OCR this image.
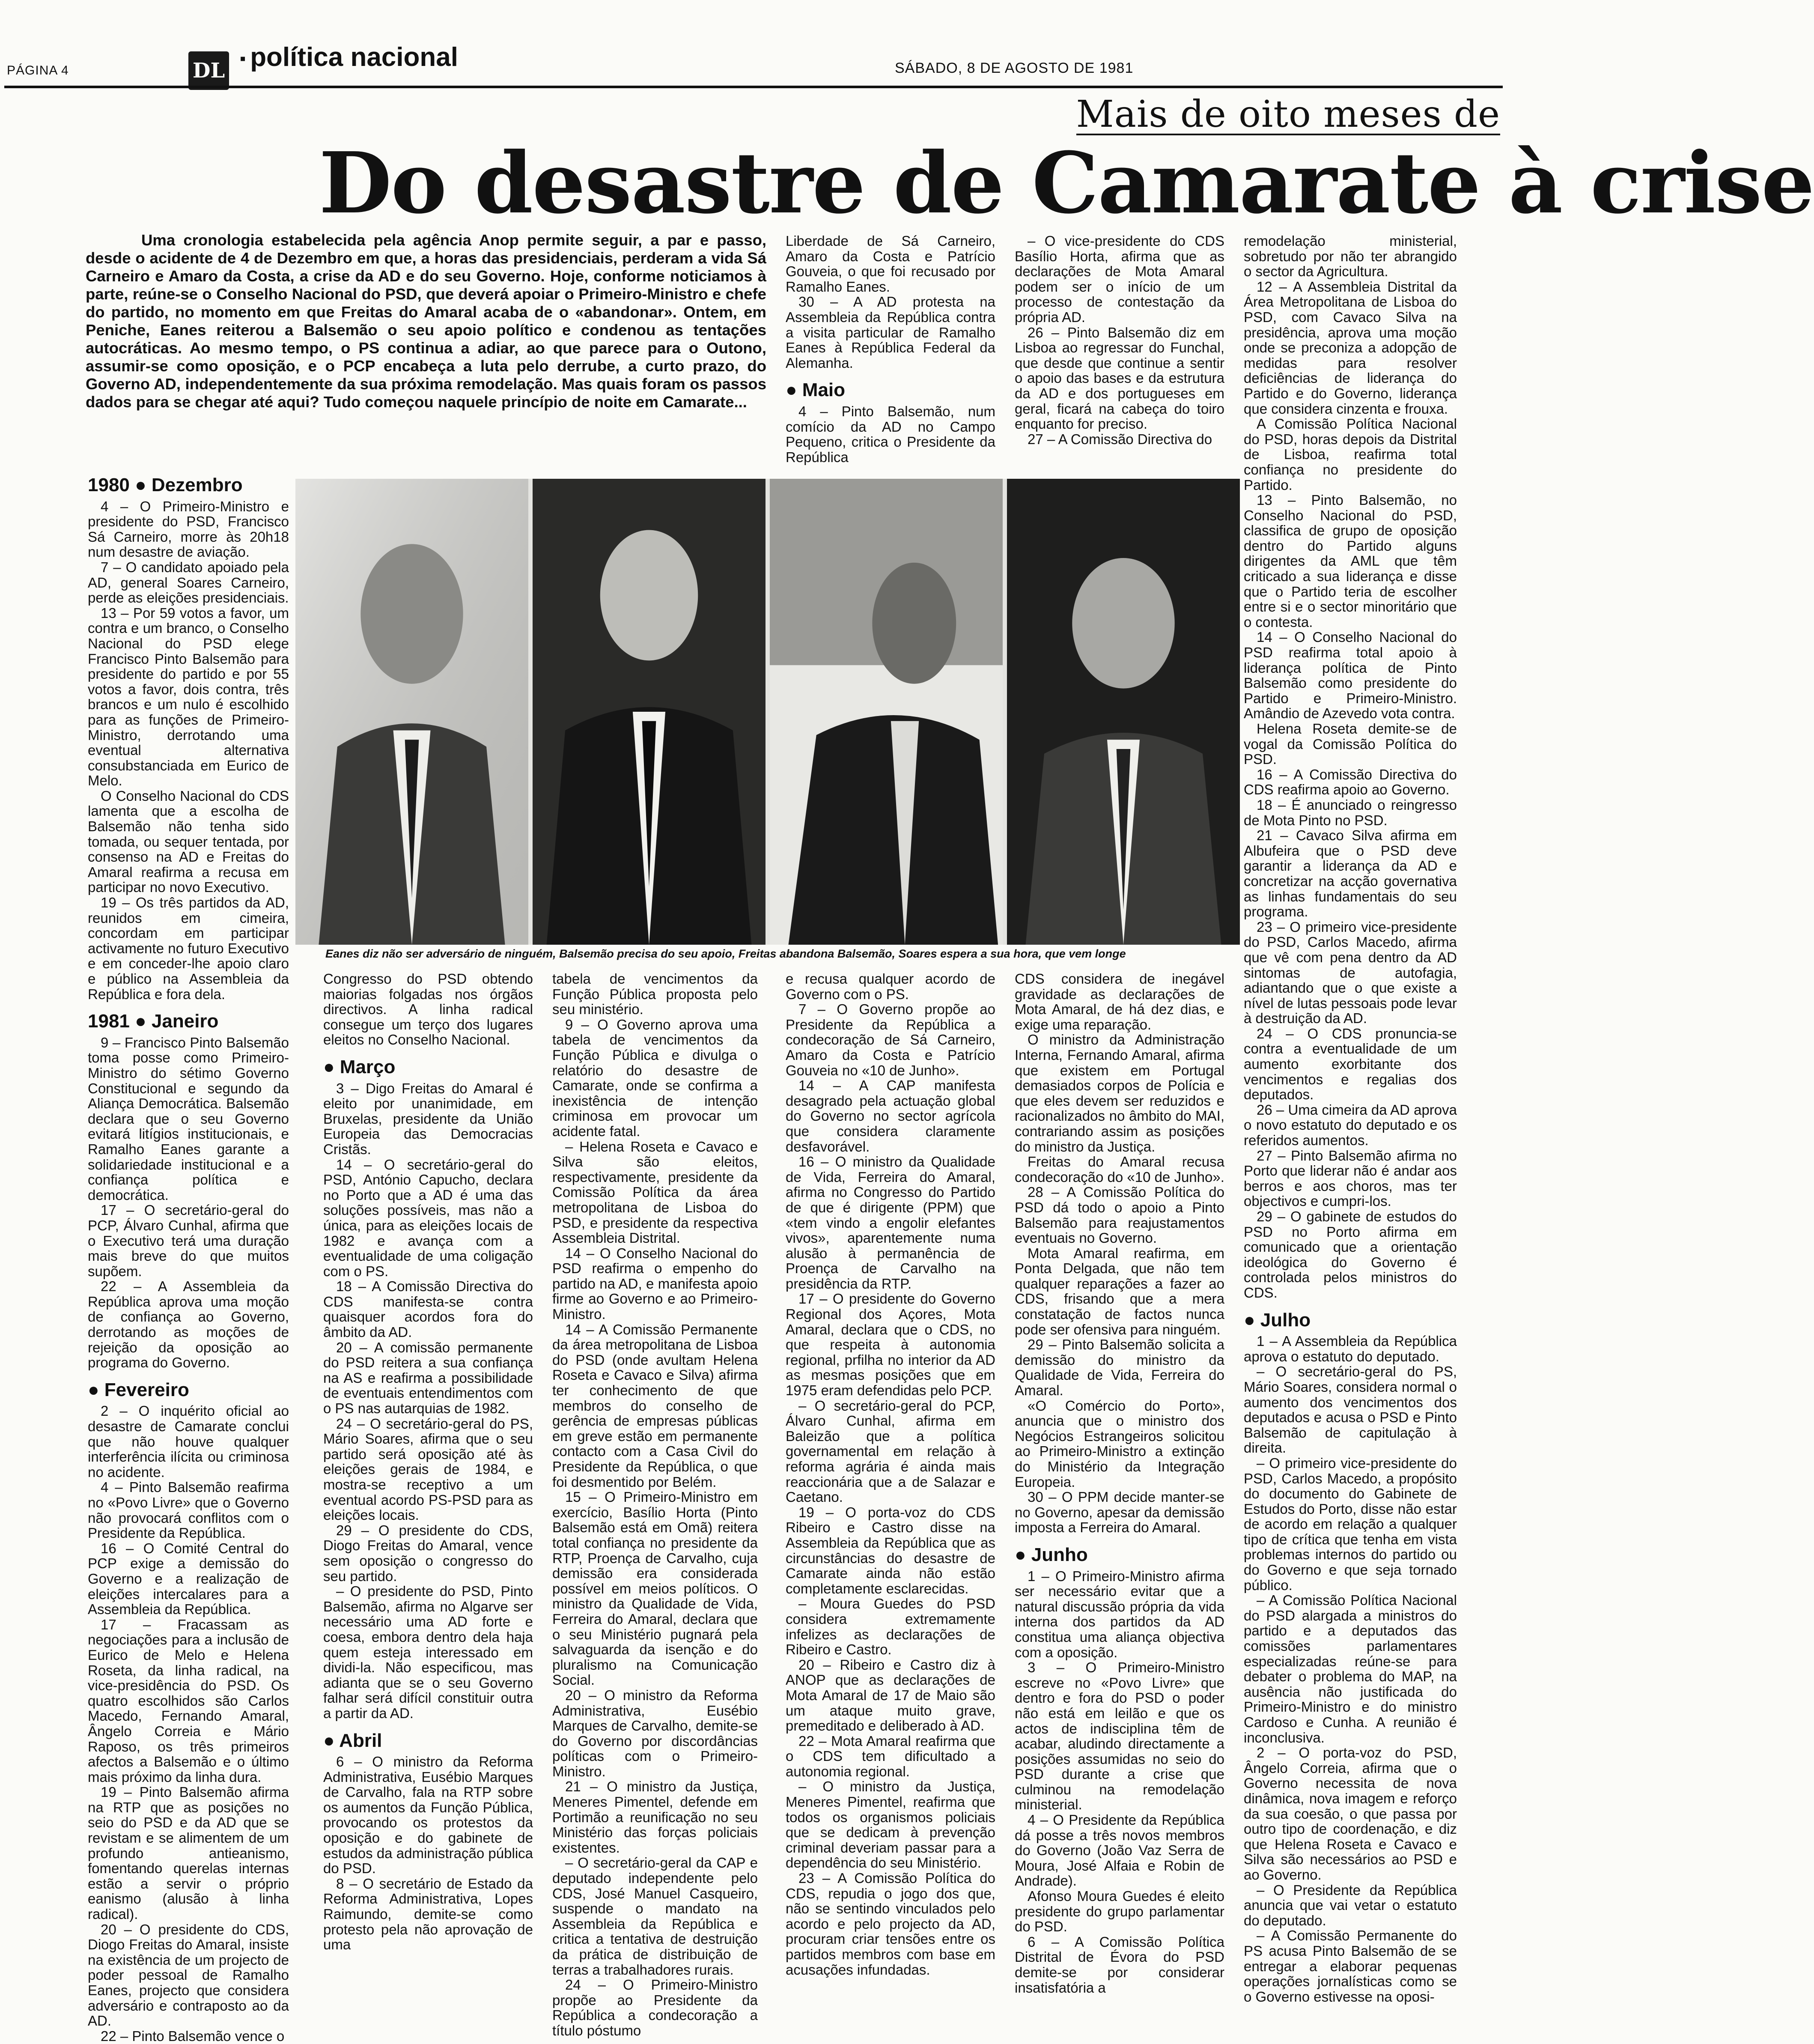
PÁGINA 4	DL ▪ política nacional	SÁBADO, 8 DE AGOSTO DE 1981
Mais de oito meses de
Do desastre de Camarate à crise
Uma cronologia estabelecida pela agência Anop permite seguir, a par e passo, desde o acidente de 4 de Dezembro em que, a horas das presidenciais, perderam a vida Sá Carneiro e Amaro da Costa, a crise da AD e do seu Governo. Hoje, conforme noticiamos à parte, reúne-se o Conselho Nacional do PSD, que deverá apoiar o Primeiro-Ministro e chefe do partido, no momento em que Freitas do Amaral acaba de o «abandonar». Ontem, em Peniche, Eanes reiterou a Balsemão o seu apoio político e condenou as tentações autocráticas. Ao mesmo tempo, o PS continua a adiar, ao que parece para o Outono, assumir-se como oposição, e o PCP encabeça a luta pelo derrube, a curto prazo, do Governo AD, independentemente da sua próxima remodelação. Mas quais foram os passos dados para se chegar até aqui? Tudo começou naquele princípio de noite em Camarate...
Eanes diz não ser adversário de ninguém, Balsemão precisa do seu apoio, Freitas abandona Balsemão, Soares espera a sua hora, que vem longe
1980 ● Dezembro

4 – O Primeiro-Ministro e presidente do PSD, Francisco Sá Carneiro, morre às 20h18 num desastre de aviação.

7 – O candidato apoiado pela AD, general Soares Carneiro, perde as eleições presidenciais.

13 – Por 59 votos a favor, um contra e um branco, o Conselho Nacional do PSD elege Francisco Pinto Balsemão para presidente do partido e por 55 votos a favor, dois contra, três brancos e um nulo é escolhido para as funções de Primeiro-Ministro, derrotando uma eventual alternativa consubstanciada em Eurico de Melo.

O Conselho Nacional do CDS lamenta que a escolha de Balsemão não tenha sido tomada, ou sequer tentada, por consenso na AD e Freitas do Amaral reafirma a recusa em participar no novo Executivo.

19 – Os três partidos da AD, reunidos em cimeira, concordam em participar activamente no futuro Executivo e em conceder-lhe apoio claro e público na Assembleia da República e fora dela.

1981 ● Janeiro

9 – Francisco Pinto Balsemão toma posse como Primeiro-Ministro do sétimo Governo Constitucional e segundo da Aliança Democrática. Balsemão declara que o seu Governo evitará litígios institucionais, e Ramalho Eanes garante a solidariedade institucional e a confiança política e democrática.

17 – O secretário-geral do PCP, Álvaro Cunhal, afirma que o Executivo terá uma duração mais breve do que muitos supõem.

22 – A Assembleia da República aprova uma moção de confiança ao Governo, derrotando as moções de rejeição da oposição ao programa do Governo.

● Fevereiro

2 – O inquérito oficial ao desastre de Camarate conclui que não houve qualquer interferência ilícita ou criminosa no acidente.

4 – Pinto Balsemão reafirma no «Povo Livre» que o Governo não provocará conflitos com o Presidente da República.

16 – O Comité Central do PCP exige a demissão do Governo e a realização de eleições intercalares para a Assembleia da República.

17 – Fracassam as negociações para a inclusão de Eurico de Melo e Helena Roseta, da linha radical, na vice-presidência do PSD. Os quatro escolhidos são Carlos Macedo, Fernando Amaral, Ângelo Correia e Mário Raposo, os três primeiros afectos a Balsemão e o último mais próximo da linha dura.

19 – Pinto Balsemão afirma na RTP que as posições no seio do PSD e da AD que se revistam e se alimentem de um profundo antieanismo, fomentando querelas internas estão a servir o próprio eanismo (alusão à linha radical).

20 – O presidente do CDS, Diogo Freitas do Amaral, insiste na existência de um projecto de poder pessoal de Ramalho Eanes, projecto que considera adversário e contraposto ao da AD.

22 – Pinto Balsemão vence o

Congresso do PSD obtendo maiorias folgadas nos órgãos directivos. A linha radical consegue um terço dos lugares eleitos no Conselho Nacional.

● Março

3 – Digo Freitas do Amaral é eleito por unanimidade, em Bruxelas, presidente da União Europeia das Democracias Cristãs.

14 – O secretário-geral do PSD, António Capucho, declara no Porto que a AD é uma das soluções possíveis, mas não a única, para as eleições locais de 1982 e avança com a eventualidade de uma coligação com o PS.

18 – A Comissão Directiva do CDS manifesta-se contra quaisquer acordos fora do âmbito da AD.

20 – A comissão permanente do PSD reitera a sua confiança na AS e reafirma a possibilidade de eventuais entendimentos com o PS nas autarquias de 1982.

24 – O secretário-geral do PS, Mário Soares, afirma que o seu partido será oposição até às eleições gerais de 1984, e mostra-se receptivo a um eventual acordo PS-PSD para as eleições locais.

29 – O presidente do CDS, Diogo Freitas do Amaral, vence sem oposição o congresso do seu partido.

– O presidente do PSD, Pinto Balsemão, afirma no Algarve ser necessário uma AD forte e coesa, embora dentro dela haja quem esteja interessado em dividi-la. Não especificou, mas adianta que se o seu Governo falhar será difícil constituir outra a partir da AD.

● Abril

6 – O ministro da Reforma Administrativa, Eusébio Marques de Carvalho, fala na RTP sobre os aumentos da Função Pública, provocando os protestos da oposição e do gabinete de estudos da administração pública do PSD.

8 – O secretário de Estado da Reforma Administrativa, Lopes Raimundo, demite-se como protesto pela não aprovação de uma

tabela de vencimentos da Função Pública proposta pelo seu ministério.

9 – O Governo aprova uma tabela de vencimentos da Função Pública e divulga o relatório do desastre de Camarate, onde se confirma a inexistência de intenção criminosa em provocar um acidente fatal.

– Helena Roseta e Cavaco e Silva são eleitos, respectivamente, presidente da Comissão Política da área metropolitana de Lisboa do PSD, e presidente da respectiva Assembleia Distrital.

14 – O Conselho Nacional do PSD reafirma o empenho do partido na AD, e manifesta apoio firme ao Governo e ao Primeiro-Ministro.

14 – A Comissão Permanente da área metropolitana de Lisboa do PSD (onde avultam Helena Roseta e Cavaco e Silva) afirma ter conhecimento de que membros do conselho de gerência de empresas públicas em greve estão em permanente contacto com a Casa Civil do Presidente da República, o que foi desmentido por Belém.

15 – O Primeiro-Ministro em exercício, Basílio Horta (Pinto Balsemão está em Omã) reitera total confiança no presidente da RTP, Proença de Carvalho, cuja demissão era considerada possível em meios políticos. O ministro da Qualidade de Vida, Ferreira do Amaral, declara que o seu Ministério pugnará pela salvaguarda da isenção e do pluralismo na Comunicação Social.

20 – O ministro da Reforma Administrativa, Eusébio Marques de Carvalho, demite-se do Governo por discordâncias políticas com o Primeiro-Ministro.

21 – O ministro da Justiça, Meneres Pimentel, defende em Portimão a reunificação no seu Ministério das forças policiais existentes.

– O secretário-geral da CAP e deputado independente pelo CDS, José Manuel Casqueiro, suspende o mandato na Assembleia da República e critica a tentativa de destruição da prática de distribuição de terras a trabalhadores rurais.

24 – O Primeiro-Ministro propõe ao Presidente da República a condecoração a título póstumo

Liberdade de Sá Carneiro, Amaro da Costa e Patrício Gouveia, o que foi recusado por Ramalho Eanes.

30 – A AD protesta na Assembleia da República contra a visita particular de Ramalho Eanes à República Federal da Alemanha.

● Maio

4 – Pinto Balsemão, num comício da AD no Campo Pequeno, critica o Presidente da República

e recusa qualquer acordo de Governo com o PS.

7 – O Governo propõe ao Presidente da República a condecoração de Sá Carneiro, Amaro da Costa e Patrício Gouveia no «10 de Junho».

14 – A CAP manifesta desagrado pela actuação global do Governo no sector agrícola que considera claramente desfavorável.

16 – O ministro da Qualidade de Vida, Ferreira do Amaral, afirma no Congresso do Partido de que é dirigente (PPM) que «tem vindo a engolir elefantes vivos», aparentemente numa alusão à permanência de Proença de Carvalho na presidência da RTP.

17 – O presidente do Governo Regional dos Açores, Mota Amaral, declara que o CDS, no que respeita à autonomia regional, prfilha no interior da AD as mesmas posições que em 1975 eram defendidas pelo PCP.

– O secretário-geral do PCP, Álvaro Cunhal, afirma em Baleizão que a política governamental em relação à reforma agrária é ainda mais reaccionária que a de Salazar e Caetano.

19 – O porta-voz do CDS Ribeiro e Castro disse na Assembleia da República que as circunstâncias do desastre de Camarate ainda não estão completamente esclarecidas.

– Moura Guedes do PSD considera extremamente infelizes as declarações de Ribeiro e Castro.

20 – Ribeiro e Castro diz à ANOP que as declarações de Mota Amaral de 17 de Maio são um ataque muito grave, premeditado e deliberado à AD.

22 – Mota Amaral reafirma que o CDS tem dificultado a autonomia regional.

– O ministro da Justiça, Meneres Pimentel, reafirma que todos os organismos policiais que se dedicam à prevenção criminal deveriam passar para a dependência do seu Ministério.

23 – A Comissão Política do CDS, repudia o jogo dos que, não se sentindo vinculados pelo acordo e pelo projecto da AD, procuram criar tensões entre os partidos membros com base em acusações infundadas.

– O vice-presidente do CDS Basílio Horta, afirma que as declarações de Mota Amaral podem ser o início de um processo de contestação da própria AD.

26 – Pinto Balsemão diz em Lisboa ao regressar do Funchal, que desde que continue a sentir o apoio das bases e da estrutura da AD e dos portugueses em geral, ficará na cabeça do toiro enquanto for preciso.

27 – A Comissão Directiva do

CDS considera de inegável gravidade as declarações de Mota Amaral, de há dez dias, e exige uma reparação.

O ministro da Administração Interna, Fernando Amaral, afirma que existem em Portugal demasiados corpos de Polícia e que eles devem ser reduzidos e racionalizados no âmbito do MAI, contrariando assim as posições do ministro da Justiça.

Freitas do Amaral recusa condecoração do «10 de Junho».

28 – A Comissão Política do PSD dá todo o apoio a Pinto Balsemão para reajustamentos eventuais no Governo.

Mota Amaral reafirma, em Ponta Delgada, que não tem qualquer reparações a fazer ao CDS, frisando que a mera constatação de factos nunca pode ser ofensiva para ninguém.

29 – Pinto Balsemão solicita a demissão do ministro da Qualidade de Vida, Ferreira do Amaral.

«O Comércio do Porto», anuncia que o ministro dos Negócios Estrangeiros solicitou ao Primeiro-Ministro a extinção do Ministério da Integração Europeia.

30 – O PPM decide manter-se no Governo, apesar da demissão imposta a Ferreira do Amaral.

● Junho

1 – O Primeiro-Ministro afirma ser necessário evitar que a natural discussão própria da vida interna dos partidos da AD constitua uma aliança objectiva com a oposição.

3 – O Primeiro-Ministro escreve no «Povo Livre» que dentro e fora do PSD o poder não está em leilão e que os actos de indisciplina têm de acabar, aludindo directamente a posições assumidas no seio do PSD durante a crise que culminou na remodelação ministerial.

4 – O Presidente da República dá posse a três novos membros do Governo (João Vaz Serra de Moura, José Alfaia e Robin de Andrade).

Afonso Moura Guedes é eleito presidente do grupo parlamentar do PSD.

6 – A Comissão Política Distrital de Évora do PSD demite-se por considerar insatisfatória a

remodelação ministerial, sobretudo por não ter abrangido o sector da Agricultura.

12 – A Assembleia Distrital da Área Metropolitana de Lisboa do PSD, com Cavaco Silva na presidência, aprova uma moção onde se preconiza a adopção de medidas para resolver deficiências de liderança do Partido e do Governo, liderança que considera cinzenta e frouxa.

A Comissão Política Nacional do PSD, horas depois da Distrital de Lisboa, reafirma total confiança no presidente do Partido.

13 – Pinto Balsemão, no Conselho Nacional do PSD, classifica de grupo de oposição dentro do Partido alguns dirigentes da AML que têm criticado a sua liderança e disse que o Partido teria de escolher entre si e o sector minoritário que o contesta.

14 – O Conselho Nacional do PSD reafirma total apoio à liderança política de Pinto Balsemão como presidente do Partido e Primeiro-Ministro. Amândio de Azevedo vota contra.

Helena Roseta demite-se de vogal da Comissão Política do PSD.

16 – A Comissão Directiva do CDS reafirma apoio ao Governo.

18 – É anunciado o reingresso de Mota Pinto no PSD.

21 – Cavaco Silva afirma em Albufeira que o PSD deve garantir a liderança da AD e concretizar na acção governativa as linhas fundamentais do seu programa.

23 – O primeiro vice-presidente do PSD, Carlos Macedo, afirma que vê com pena dentro da AD sintomas de autofagia, adiantando que o que existe a nível de lutas pessoais pode levar à destruição da AD.

24 – O CDS pronuncia-se contra a eventualidade de um aumento exorbitante dos vencimentos e regalias dos deputados.

26 – Uma cimeira da AD aprova o novo estatuto do deputado e os referidos aumentos.

27 – Pinto Balsemão afirma no Porto que liderar não é andar aos berros e aos choros, mas ter objectivos e cumpri-los.

29 – O gabinete de estudos do PSD no Porto afirma em comunicado que a orientação ideológica do Governo é controlada pelos ministros do CDS.

● Julho

1 – A Assembleia da República aprova o estatuto do deputado.

– O secretário-geral do PS, Mário Soares, considera normal o aumento dos vencimentos dos deputados e acusa o PSD e Pinto Balsemão de capitulação à direita.

– O primeiro vice-presidente do PSD, Carlos Macedo, a propósito do documento do Gabinete de Estudos do Porto, disse não estar de acordo em relação a qualquer tipo de crítica que tenha em vista problemas internos do partido ou do Governo e que seja tornado público.

– A Comissão Política Nacional do PSD alargada a ministros do partido e a deputados das comissões parlamentares especializadas reúne-se para debater o problema do MAP, na ausência não justificada do Primeiro-Ministro e do ministro Cardoso e Cunha. A reunião é inconclusiva.

2 – O porta-voz do PSD, Ângelo Correia, afirma que o Governo necessita de nova dinâmica, nova imagem e reforço da sua coesão, o que passa por outro tipo de coordenação, e diz que Helena Roseta e Cavaco e Silva são necessários ao PSD e ao Governo.

– O Presidente da República anuncia que vai vetar o estatuto do deputado.

– A Comissão Permanente do PS acusa Pinto Balsemão de se entregar a elaborar pequenas operações jornalísticas como se o Governo estivesse na oposi-
